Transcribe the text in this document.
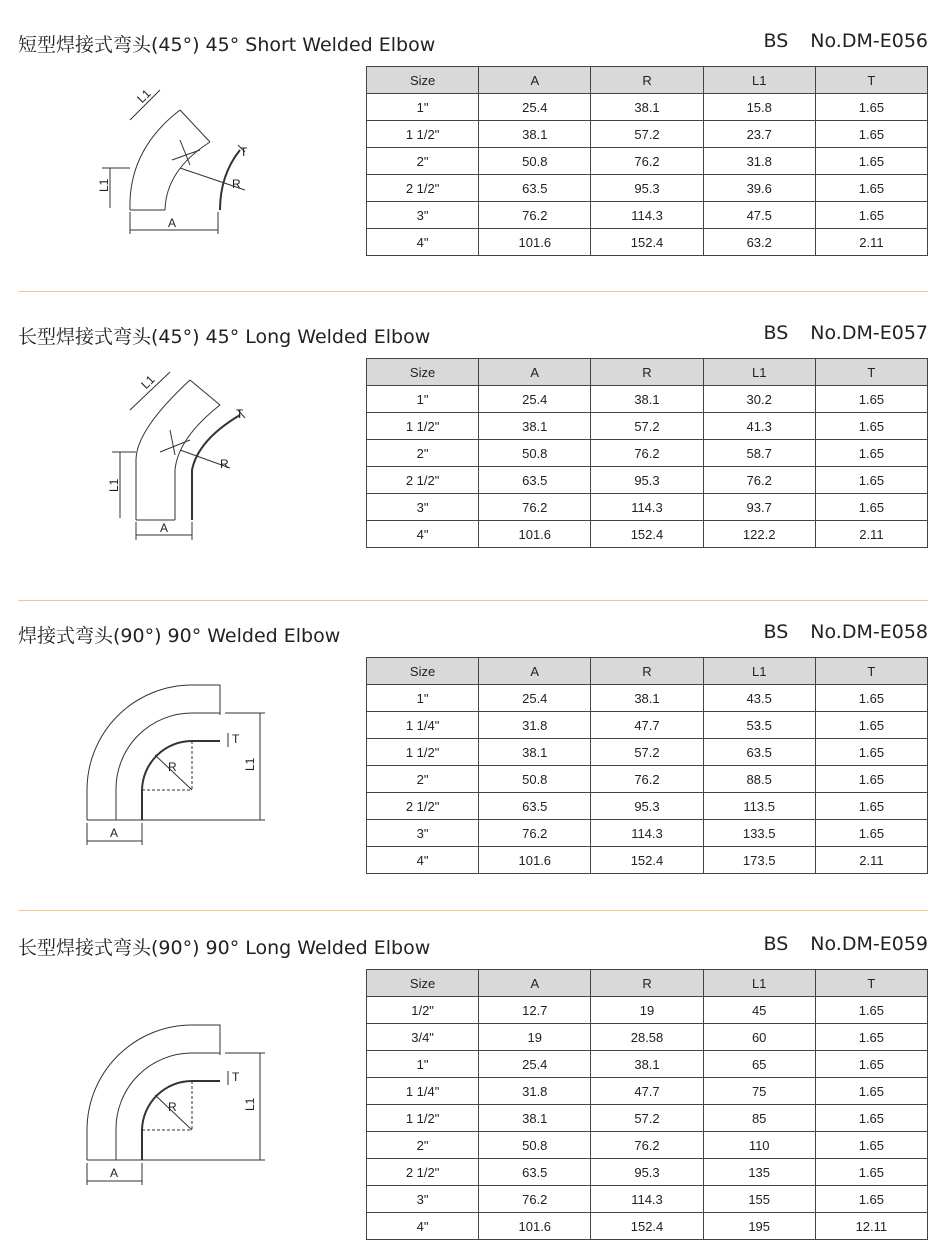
短型焊接式弯头(45°) 45° Short Welded Elbow	BS No.DM-E056
L1
L1
T
R
A
Size	A	R	L1	T
1"	25.4	38.1	15.8	1.65
1 1/2"	38.1	57.2	23.7	1.65
2"	50.8	76.2	31.8	1.65
2 1/2"	63.5	95.3	39.6	1.65
3"	76.2	114.3	47.5	1.65
4"	101.6	152.4	63.2	2.11
长型焊接式弯头(45°) 45° Long Welded Elbow	BS No.DM-E057
L1
L1
T
R
A
Size	A	R	L1	T
1"	25.4	38.1	30.2	1.65
1 1/2"	38.1	57.2	41.3	1.65
2"	50.8	76.2	58.7	1.65
2 1/2"	63.5	95.3	76.2	1.65
3"	76.2	114.3	93.7	1.65
4"	101.6	152.4	122.2	2.11
焊接式弯头(90°) 90° Welded Elbow	BS No.DM-E058
L1
T
R
A
Size	A	R	L1	T
1"	25.4	38.1	43.5	1.65
1 1/4"	31.8	47.7	53.5	1.65
1 1/2"	38.1	57.2	63.5	1.65
2"	50.8	76.2	88.5	1.65
2 1/2"	63.5	95.3	113.5	1.65
3"	76.2	114.3	133.5	1.65
4"	101.6	152.4	173.5	2.11
长型焊接式弯头(90°) 90° Long Welded Elbow	BS No.DM-E059
L1
T
R
A
Size	A	R	L1	T
1/2"	12.7	19	45	1.65
3/4"	19	28.58	60	1.65
1"	25.4	38.1	65	1.65
1 1/4"	31.8	47.7	75	1.65
1 1/2"	38.1	57.2	85	1.65
2"	50.8	76.2	110	1.65
2 1/2"	63.5	95.3	135	1.65
3"	76.2	114.3	155	1.65
4"	101.6	152.4	195	12.11
